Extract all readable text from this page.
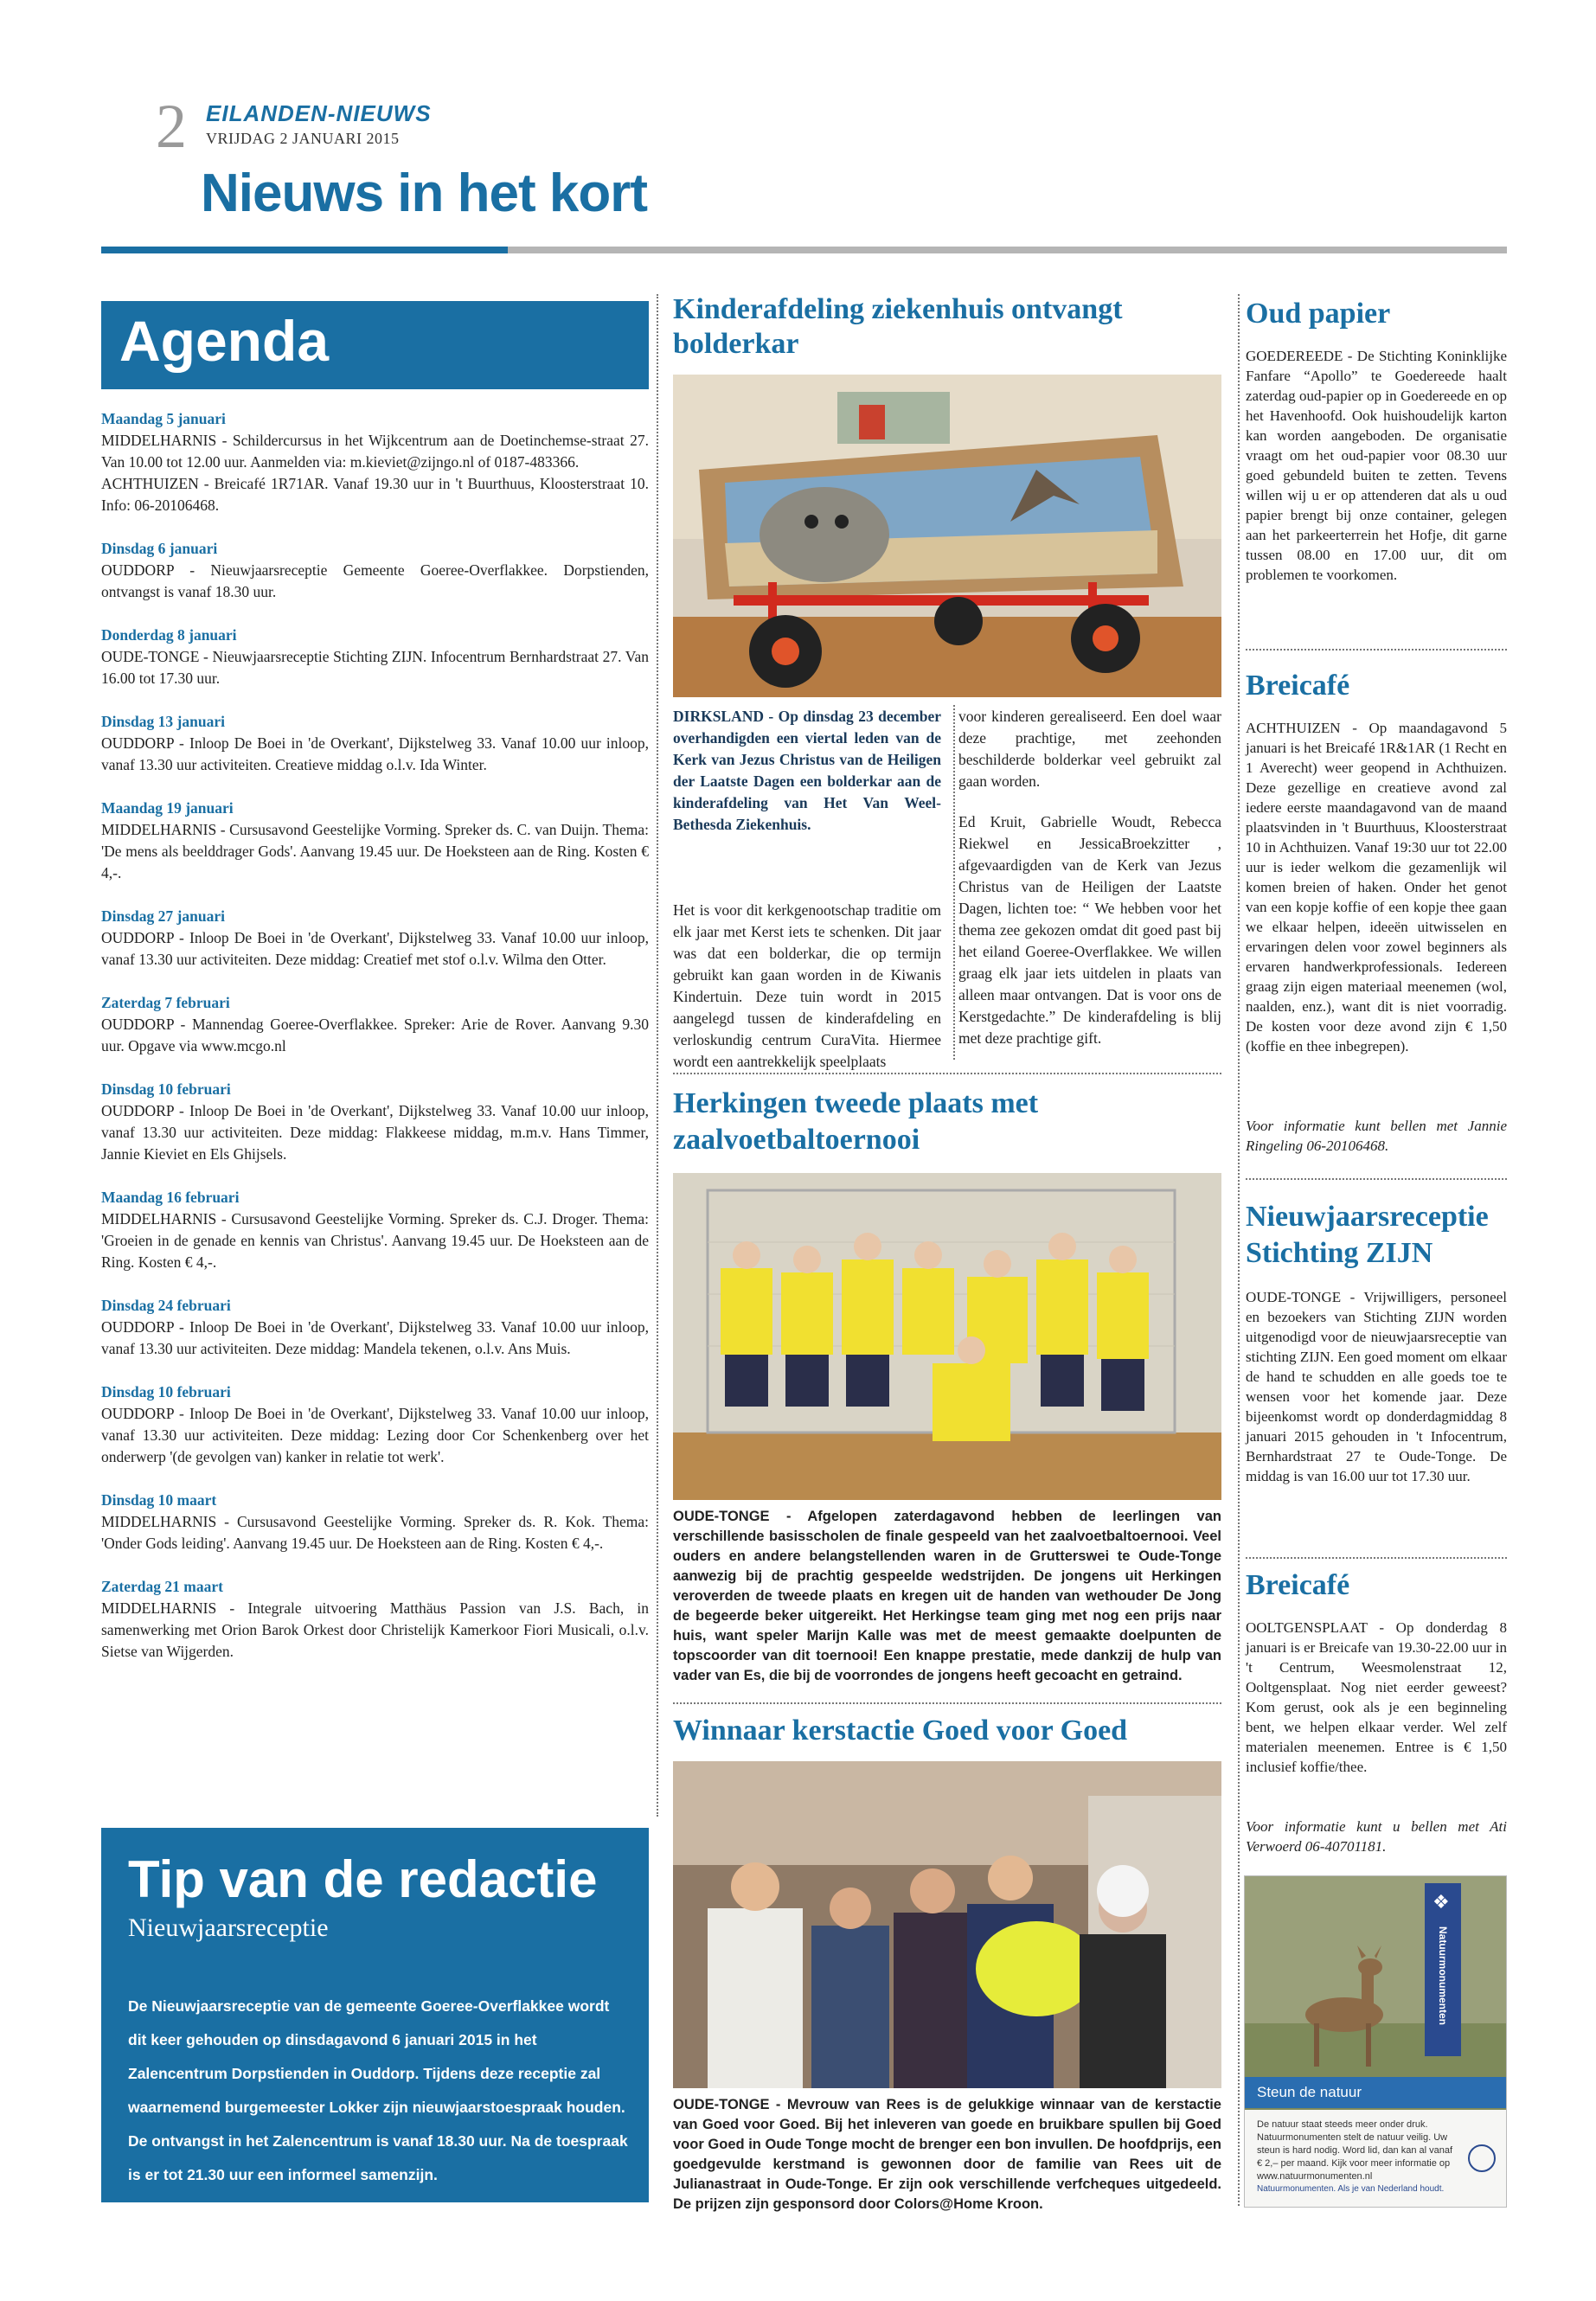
2 EILANDEN-NIEUWS
VRIJDAG 2 JANUARI 2015
Nieuws in het kort
Agenda
Maandag 5 januari
MIDDELHARNIS - Schildercursus in het Wijkcentrum aan de Doetinchemse-straat 27. Van 10.00 tot 12.00 uur. Aanmelden via: m.kieviet@zijngo.nl of 0187-483366.
ACHTHUIZEN - Breicafé 1R71AR. Vanaf 19.30 uur in 't Buurthuus, Kloosterstraat 10. Info: 06-20106468.
Dinsdag 6 januari
OUDDORP - Nieuwjaarsreceptie Gemeente Goeree-Overflakkee. Dorpstienden, ontvangst is vanaf 18.30 uur.
Donderdag 8 januari
OUDE-TONGE - Nieuwjaarsreceptie Stichting ZIJN. Infocentrum Bernhardstraat 27. Van 16.00 tot 17.30 uur.
Dinsdag 13 januari
OUDDORP - Inloop De Boei in 'de Overkant', Dijkstelweg 33. Vanaf 10.00 uur inloop, vanaf 13.30 uur activiteiten. Creatieve middag o.l.v. Ida Winter.
Maandag 19 januari
MIDDELHARNIS - Cursusavond Geestelijke Vorming. Spreker ds. C. van Duijn. Thema: 'De mens als beelddrager Gods'. Aanvang 19.45 uur. De Hoeksteen aan de Ring. Kosten € 4,-.
Dinsdag 27 januari
OUDDORP - Inloop De Boei in 'de Overkant', Dijkstelweg 33. Vanaf 10.00 uur inloop, vanaf 13.30 uur activiteiten. Deze middag: Creatief met stof o.l.v. Wilma den Otter.
Zaterdag 7 februari
OUDDORP - Mannendag Goeree-Overflakkee. Spreker: Arie de Rover. Aanvang 9.30 uur. Opgave via www.mcgo.nl
Dinsdag 10 februari
OUDDORP - Inloop De Boei in 'de Overkant', Dijkstelweg 33. Vanaf 10.00 uur inloop, vanaf 13.30 uur activiteiten. Deze middag: Flakkeese middag, m.m.v. Hans Timmer, Jannie Kieviet en Els Ghijsels.
Maandag 16 februari
MIDDELHARNIS - Cursusavond Geestelijke Vorming. Spreker ds. C.J. Droger. Thema: 'Groeien in de genade en kennis van Christus'. Aanvang 19.45 uur. De Hoeksteen aan de Ring. Kosten € 4,-.
Dinsdag 24 februari
OUDDORP - Inloop De Boei in 'de Overkant', Dijkstelweg 33. Vanaf 10.00 uur inloop, vanaf 13.30 uur activiteiten. Deze middag: Mandela tekenen, o.l.v. Ans Muis.
Dinsdag 10 februari
OUDDORP - Inloop De Boei in 'de Overkant', Dijkstelweg 33. Vanaf 10.00 uur inloop, vanaf 13.30 uur activiteiten. Deze middag: Lezing door Cor Schenkenberg over het onderwerp '(de gevolgen van) kanker in relatie tot werk'.
Dinsdag 10 maart
MIDDELHARNIS - Cursusavond Geestelijke Vorming. Spreker ds. R. Kok. Thema: 'Onder Gods leiding'. Aanvang 19.45 uur. De Hoeksteen aan de Ring. Kosten € 4,-.
Zaterdag 21 maart
MIDDELHARNIS - Integrale uitvoering Matthäus Passion van J.S. Bach, in samenwerking met Orion Barok Orkest door Christelijk Kamerkoor Fiori Musicali, o.l.v. Sietse van Wijgerden.
Tip van de redactie
Nieuwjaarsreceptie
De Nieuwjaarsreceptie van de gemeente Goeree-Overflakkee wordt dit keer gehouden op dinsdagavond 6 januari 2015 in het Zalencentrum Dorpstienden in Ouddorp. Tijdens deze receptie zal waarnemend burgemeester Lokker zijn nieuwjaarstoespraak houden. De ontvangst in het Zalencentrum is vanaf 18.30 uur. Na de toespraak is er tot 21.30 uur een informeel samenzijn.
Kinderafdeling ziekenhuis ontvangt bolderkar
DIRKSLAND - Op dinsdag 23 december overhandigden een viertal leden van de Kerk van Jezus Christus van de Heiligen der Laatste Dagen een bolderkar aan de kinderafdeling van Het Van Weel-Bethesda Ziekenhuis.
Het is voor dit kerkgenootschap traditie om elk jaar met Kerst iets te schenken. Dit jaar was dat een bolderkar, die op termijn gebruikt kan gaan worden in de Kiwanis Kindertuin. Deze tuin wordt in 2015 aangelegd tussen de kinderafdeling en verloskundig centrum CuraVita. Hiermee wordt een aantrekkelijk speelplaats
voor kinderen gerealiseerd. Een doel waar deze prachtige, met zeehonden beschilderde bolderkar veel gebruikt zal gaan worden.
Ed Kruit, Gabrielle Woudt, Rebecca Riekwel en JessicaBroekzitter , afgevaardigden van de Kerk van Jezus Christus van de Heiligen der Laatste Dagen, lichten toe: “ We hebben voor het thema zee gekozen omdat dit goed past bij het eiland Goeree-Overflakkee. We willen graag elk jaar iets uitdelen in plaats van alleen maar ontvangen. Dat is voor ons de Kerstgedachte.” De kinderafdeling is blij met deze prachtige gift.
Herkingen tweede plaats met zaalvoetbaltoernooi
OUDE-TONGE - Afgelopen zaterdagavond hebben de leerlingen van verschillende basisscholen de finale gespeeld van het zaalvoetbaltoernooi. Veel ouders en andere belangstellenden waren in de Grutterswei te Oude-Tonge aanwezig bij de prachtig gespeelde wedstrijden. De jongens uit Herkingen veroverden de tweede plaats en kregen uit de handen van wethouder De Jong de begeerde beker uitgereikt. Het Herkingse team ging met nog een prijs naar huis, want speler Marijn Kalle was met de meest gemaakte doelpunten de topscoorder van dit toernooi! Een knappe prestatie, mede dankzij de hulp van vader van Es, die bij de voorrondes de jongens heeft gecoacht en getraind.
Winnaar kerstactie Goed voor Goed
OUDE-TONGE - Mevrouw van Rees is de gelukkige winnaar van de kerstactie van Goed voor Goed. Bij het inleveren van goede en bruikbare spullen bij Goed voor Goed in Oude Tonge mocht de brenger een bon invullen. De hoofdprijs, een goedgevulde kerstmand is gewonnen door de familie van Rees uit de Julianastraat in Oude-Tonge. Er zijn ook verschillende verfcheques uitgedeeld. De prijzen zijn gesponsord door Colors@Home Kroon.
Oud papier
GOEDEREEDE - De Stichting Koninklijke Fanfare “Apollo” te Goedereede haalt zaterdag oud-papier op in Goedereede en op het Havenhoofd. Ook huishoudelijk karton kan worden aangeboden. De organisatie vraagt om het oud-papier voor 08.30 uur goed gebundeld buiten te zetten. Tevens willen wij u er op attenderen dat als u oud papier brengt bij onze container, gelegen aan het parkeerterrein het Hofje, dit garne tussen 08.00 en 17.00 uur, dit om problemen te voorkomen.
Breicafé
ACHTHUIZEN - Op maandagavond 5 januari is het Breicafé 1R&1AR (1 Recht en 1 Averecht) weer geopend in Achthuizen. Deze gezellige en creatieve avond zal iedere eerste maandagavond van de maand plaatsvinden in 't Buurthuus, Kloosterstraat 10 in Achthuizen. Vanaf 19:30 uur tot 22.00 uur is ieder welkom die gezamenlijk wil komen breien of haken. Onder het genot van een kopje koffie of een kopje thee gaan we elkaar helpen, ideeën uitwisselen en ervaringen delen voor zowel beginners als ervaren handwerkprofessionals. Iedereen graag zijn eigen materiaal meenemen (wol, naalden, enz.), want dit is niet voorradig. De kosten voor deze avond zijn € 1,50 (koffie en thee inbegrepen).
Voor informatie kunt bellen met Jannie Ringeling 06-20106468.
Nieuwjaarsreceptie Stichting ZIJN
OUDE-TONGE - Vrijwilligers, personeel en bezoekers van Stichting ZIJN worden uitgenodigd voor de nieuwjaarsreceptie van stichting ZIJN. Een goed moment om elkaar de hand te schudden en alle goeds toe te wensen voor het komende jaar. Deze bijeenkomst wordt op donderdagmiddag 8 januari 2015 gehouden in 't Infocentrum, Bernhardstraat 27 te Oude-Tonge. De middag is van 16.00 uur tot 17.30 uur.
Breicafé
OOLTGENSPLAAT - Op donderdag 8 januari is er Breicafe van 19.30-22.00 uur in 't Centrum, Weesmolenstraat 12, Ooltgensplaat. Nog niet eerder geweest? Kom gerust, ook als je een beginneling bent, we helpen elkaar verder. Wel zelf materialen meenemen. Entree is € 1,50 inclusief koffie/thee.
Voor informatie kunt u bellen met Ati Verwoerd 06-40701181.
❖
Natuurmonumenten
Steun de natuur
De natuur staat steeds meer onder druk. Natuurmonumenten stelt de natuur veilig. Uw steun is hard nodig. Word lid, dan kan al vanaf € 2,– per maand. Kijk voor meer informatie op www.natuurmonumenten.nl
Natuurmonumenten. Als je van Nederland houdt.
